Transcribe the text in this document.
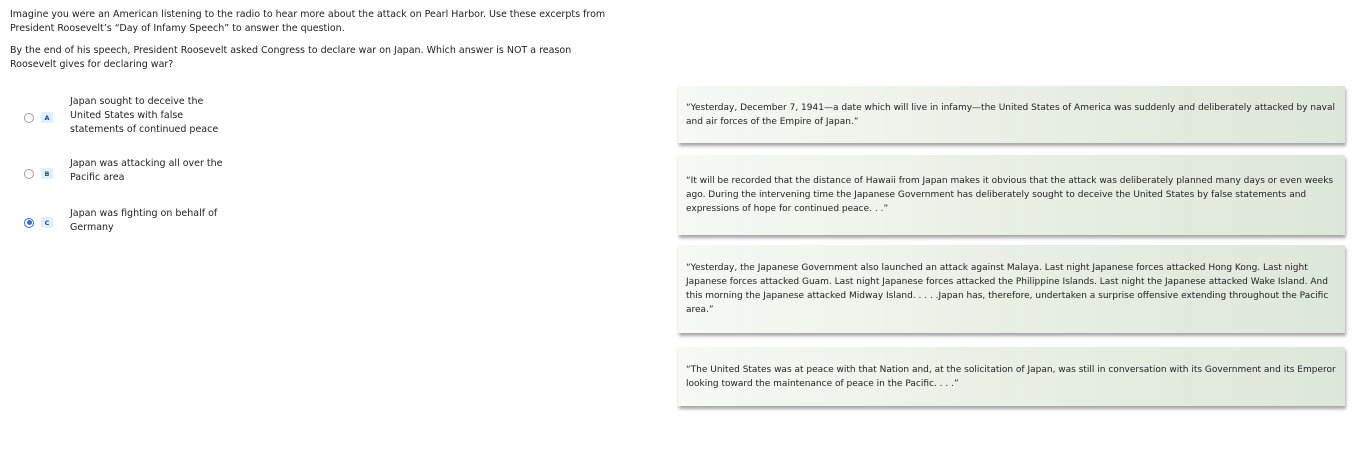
Imagine you were an American listening to the radio to hear more about the attack on Pearl Harbor. Use these excerpts from President Roosevelt’s “Day of Infamy Speech” to answer the question.

By the end of his speech, President Roosevelt asked Congress to declare war on Japan. Which answer is NOT a reason Roosevelt gives for declaring war?

A
Japan sought to deceive the United States with false statements of continued peace
B
Japan was attacking all over the Pacific area
C
Japan was fighting on behalf of Germany

“Yesterday, December 7, 1941—a date which will live in infamy—the United States of America was suddenly and deliberately attacked by naval and air forces of the Empire of Japan.”

“It will be recorded that the distance of Hawaii from Japan makes it obvious that the attack was deliberately planned many days or even weeks ago. During the intervening time the Japanese Government has deliberately sought to deceive the United States by false statements and expressions of hope for continued peace. . .”

“Yesterday, the Japanese Government also launched an attack against Malaya. Last night Japanese forces attacked Hong Kong. Last night Japanese forces attacked Guam. Last night Japanese forces attacked the Philippine Islands. Last night the Japanese attacked Wake Island. And this morning the Japanese attacked Midway Island. . . . .Japan has, therefore, undertaken a surprise offensive extending throughout the Pacific area.”

“The United States was at peace with that Nation and, at the solicitation of Japan, was still in conversation with its Government and its Emperor looking toward the maintenance of peace in the Pacific. . . .”
